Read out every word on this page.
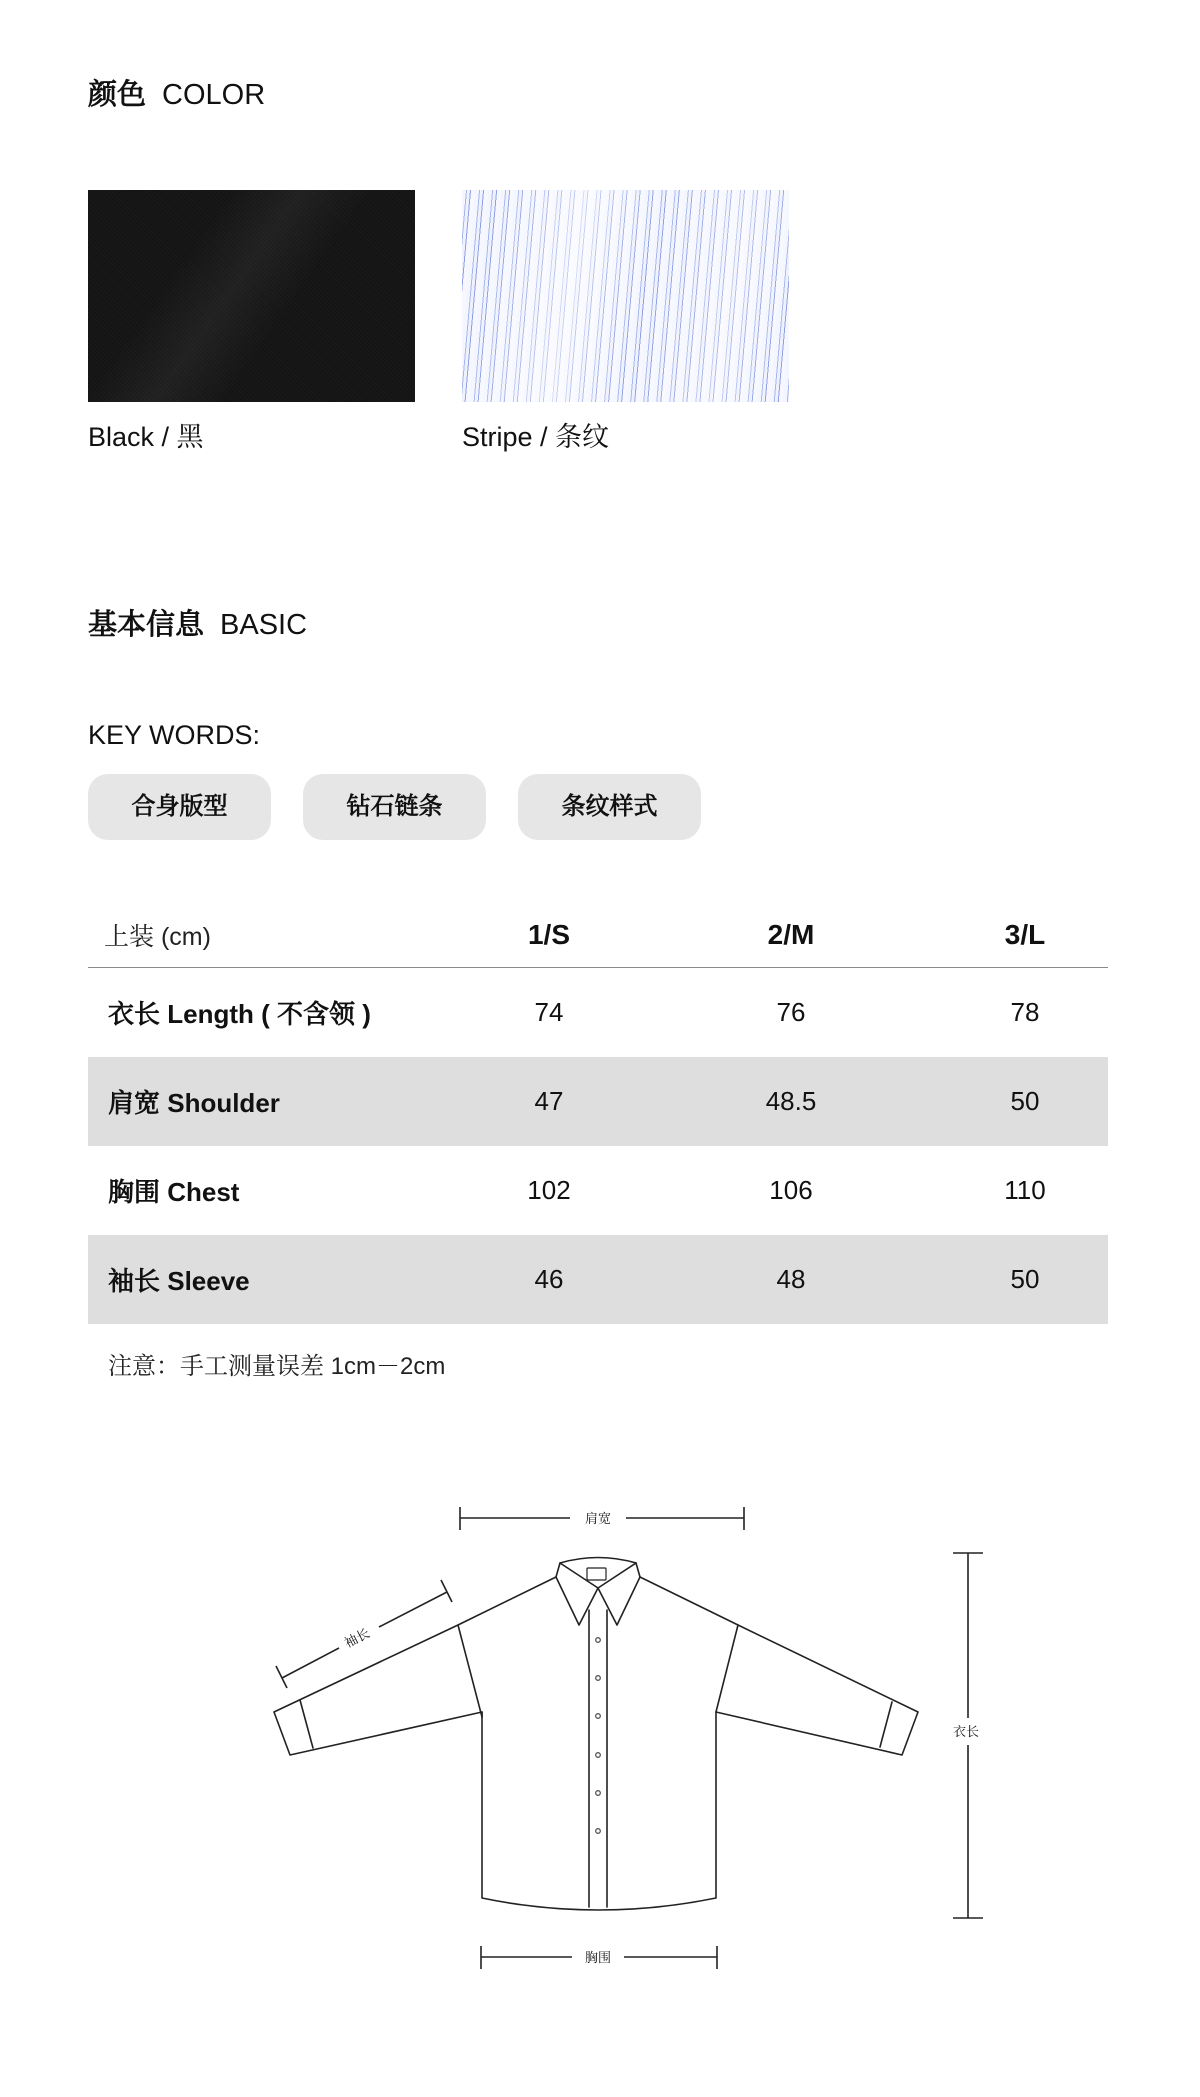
颜色 COLOR
Black / 黑	Stripe / 条纹
基本信息 BASIC
KEY WORDS:
合身版型	钻石链条	条纹样式
上装 (cm)	1/S	2/M	3/L
衣长 Length ( 不含领 )	74	76	78
肩宽 Shoulder	47	48.5	50
胸围 Chest	102	106	110
袖长 Sleeve	46	48	50
注意：手工测量误差 1cm－2cm
肩宽
胸围
衣长
袖长
